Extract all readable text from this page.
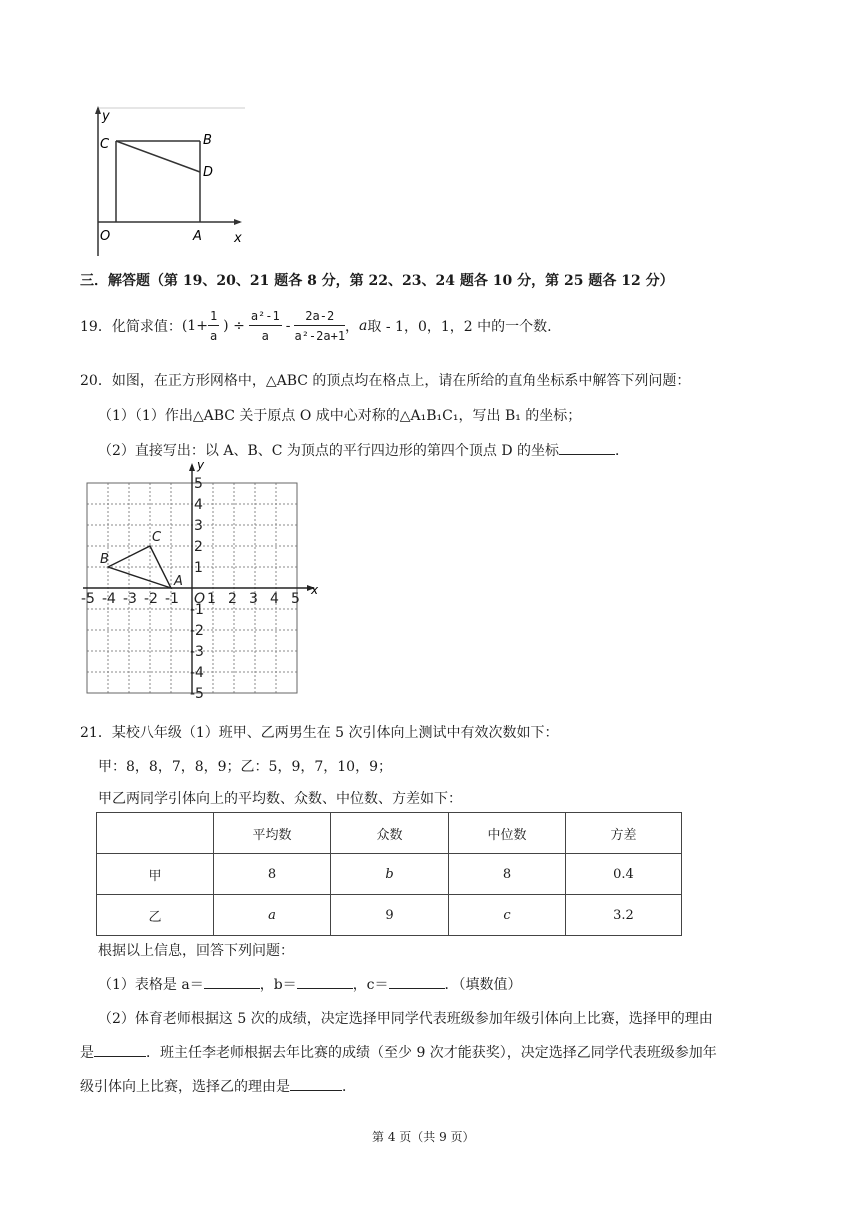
y
C	B
D
O	A x
三．解答题（第 19、20、21 题各 8 分，第 22、23、24 题各 10 分，第 25 题各 12 分）
19． 化简求值： ($1+ \frac{1}{a}$ ) ÷ $\frac{\text{a²-1}}{a} - \frac{2a-2}{\text{a²-2a+1}}$ ， a 取 - 1，0，1，2 中的一个数.
20．如图，在正方形网格中，△ABC 的顶点均在格点上，请在所给的直角坐标系中解答下列问题：
（1）（1）作出△ABC 关于原点 O 成中心对称的△A₁B₁C₁，写出 B₁ 的坐标；
（2）直接写出：以 A、B、C 为顶点的平行四边形的第四个顶点 D 的坐标	．
x
y
-5 -4 -3 -2 -1 O 1 2 3 4 5
5
4
3
2
1
-1
-2
-3
-4
-5
A
B
C
21．某校八年级（1）班甲、乙两男生在 5 次引体向上测试中有效次数如下：
甲：8，8，7，8，9；乙：5，9，7，10，9；
甲乙两同学引体向上的平均数、众数、中位数、方差如下：
	平均数	众数	中位数	方差
甲	8	b	8	0.4
乙	a	9	c	3.2
根据以上信息，回答下列问题：
（1）表格是 a＝	，b＝	，c＝	．（填数值）
（2）体育老师根据这 5 次的成绩，决定选择甲同学代表班级参加年级引体向上比赛，选择甲的理由
是	．班主任李老师根据去年比赛的成绩（至少 9 次才能获奖），决定选择乙同学代表班级参加年
级引体向上比赛，选择乙的理由是	．
第 4 页（共 9 页）
